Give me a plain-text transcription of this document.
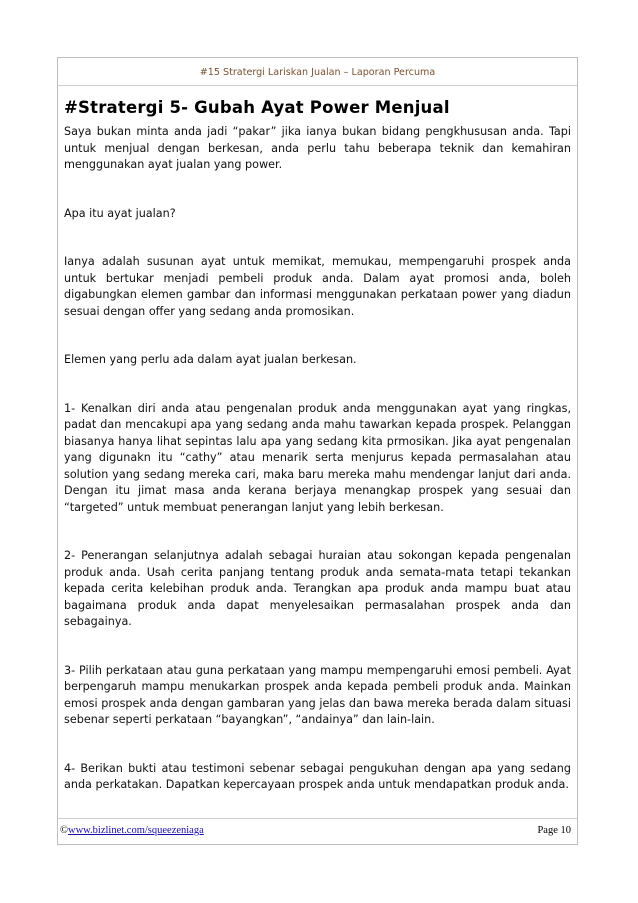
#15 Stratergi Lariskan Jualan – Laporan Percuma
#Stratergi 5- Gubah Ayat Power Menjual

Saya bukan minta anda jadi “pakar” jika ianya bukan bidang pengkhususan anda. Tapi untuk menjual dengan berkesan, anda perlu tahu beberapa teknik dan kemahiran menggunakan ayat jualan yang power.

Apa itu ayat jualan?

Ianya adalah susunan ayat untuk memikat, memukau, mempengaruhi prospek anda untuk bertukar menjadi pembeli produk anda. Dalam ayat promosi anda, boleh digabungkan elemen gambar dan informasi menggunakan perkataan power yang diadun sesuai dengan offer yang sedang anda promosikan.

Elemen yang perlu ada dalam ayat jualan berkesan.

1- Kenalkan diri anda atau pengenalan produk anda menggunakan ayat yang ringkas, padat dan mencakupi apa yang sedang anda mahu tawarkan kepada prospek. Pelanggan biasanya hanya lihat sepintas lalu apa yang sedang kita prmosikan. Jika ayat pengenalan yang digunakn itu “cathy” atau menarik serta menjurus kepada permasalahan atau solution yang sedang mereka cari, maka baru mereka mahu mendengar lanjut dari anda. Dengan itu jimat masa anda kerana berjaya menangkap prospek yang sesuai dan “targeted” untuk membuat penerangan lanjut yang lebih berkesan.

2- Penerangan selanjutnya adalah sebagai huraian atau sokongan kepada pengenalan produk anda. Usah cerita panjang tentang produk anda semata-mata tetapi tekankan kepada cerita kelebihan produk anda. Terangkan apa produk anda mampu buat atau bagaimana produk anda dapat menyelesaikan permasalahan prospek anda dan sebagainya.

3- Pilih perkataan atau guna perkataan yang mampu mempengaruhi emosi pembeli. Ayat berpengaruh mampu menukarkan prospek anda kepada pembeli produk anda. Mainkan emosi prospek anda dengan gambaran yang jelas dan bawa mereka berada dalam situasi sebenar seperti perkataan “bayangkan”, “andainya” dan lain-lain.

4- Berikan bukti atau testimoni sebenar sebagai pengukuhan dengan apa yang sedang anda perkatakan. Dapatkan kepercayaan prospek anda untuk mendapatkan produk anda.

©www.bizlinet.com/squeezeniaga	Page 10
